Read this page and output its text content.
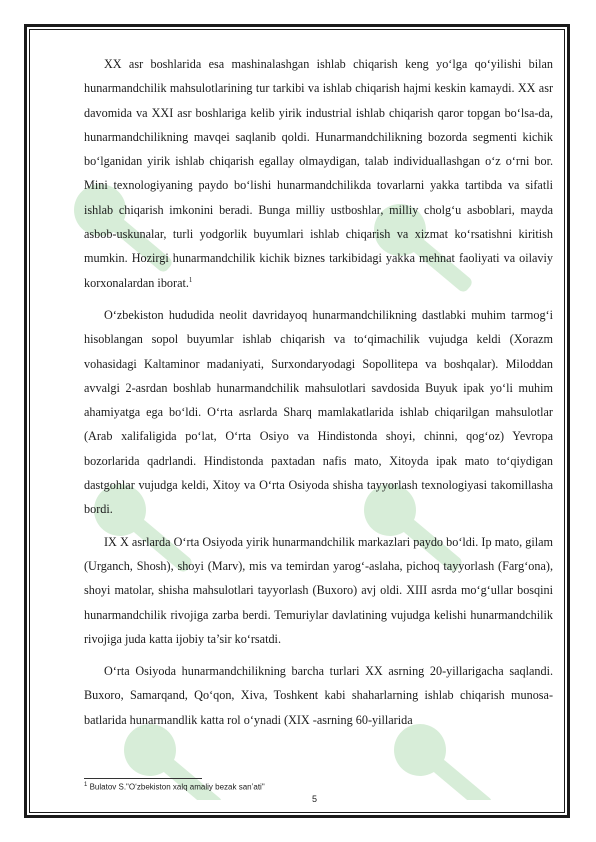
XX asr boshlarida esa mashinalashgan ishlab chiqarish keng yo‘lga qo‘yilishi bilan hunarmandchilik mahsulotlarining tur tarkibi va ishlab chiqarish hajmi keskin kamaydi. XX asr davomida va XXI asr boshlariga kelib yirik industrial ishlab chiqarish qaror topgan bo‘lsa-da, hunarmandchilikning mavqei saqlanib qoldi. Hunarmandchilikning bozorda segmenti kichik bo‘lganidan yirik ishlab chiqarish egallay olmaydigan, talab individuallashgan o‘z o‘rni bor. Mini texnologiyaning paydo bo‘lishi hunarmandchilikda tovarlarni yakka tartibda va sifatli ishlab chiqarish imkonini beradi. Bunga milliy ustboshlar, milliy cholg‘u asboblari, mayda asbob-uskunalar, turli yodgorlik buyumlari ishlab chiqarish va xizmat ko‘rsatishni kiritish mumkin. Hozirgi hunarmandchilik kichik biznes tarkibidagi yakka mehnat faoliyati va oilaviy korxonalardan iborat.$^1$

O‘zbekiston hududida neolit davridayoq hunarmandchilikning dastlabki muhim tarmog‘i hisoblangan sopol buyumlar ishlab chiqarish va to‘qimachilik vujudga keldi (Xorazm vohasidagi Kaltaminor madaniyati, Surxondaryodagi Sopollitepa va boshqalar). Miloddan avvalgi 2-asrdan boshlab hunarmandchilik mahsulotlari savdosida Buyuk ipak yo‘li muhim ahamiyatga ega bo‘ldi. O‘rta asrlarda Sharq mamlakatlarida ishlab chiqarilgan mahsulotlar (Arab xalifaligida po‘lat, O‘rta Osiyo va Hindistonda shoyi, chinni, qog‘oz) Yevropa bozorlarida qadrlandi. Hindistonda paxtadan nafis mato, Xitoyda ipak mato to‘qiydigan dastgohlar vujudga keldi, Xitoy va O‘rta Osiyoda shisha tayyorlash texnologiyasi takomillasha bordi.

IX X asrlarda O‘rta Osiyoda yirik hunarmandchilik markazlari paydo bo‘ldi. Ip mato, gilam (Urganch, Shosh), shoyi (Marv), mis va temirdan yarog‘-aslaha, pichoq tayyorlash (Farg‘ona), shoyi matolar, shisha mahsulotlari tayyorlash (Buxoro) avj oldi. XIII asrda mo‘g‘ullar bosqini hunarmandchilik rivojiga zarba berdi. Temuriylar davlatining vujudga kelishi hunarmandchilik rivojiga juda katta ijobiy ta’sir ko‘rsatdi.

O‘rta Osiyoda hunarmandchilikning barcha turlari XX asrning 20-yillarigacha saqlandi. Buxoro, Samarqand, Qo‘qon, Xiva, Toshkent kabi shaharlarning ishlab chiqarish munosa-batlarida hunarmandlik katta rol o‘ynadi (XIX -asrning 60-yillarida

$^1$ Bulatov S."O‘zbekiston xalq amaliy bezak san’ati"
5
